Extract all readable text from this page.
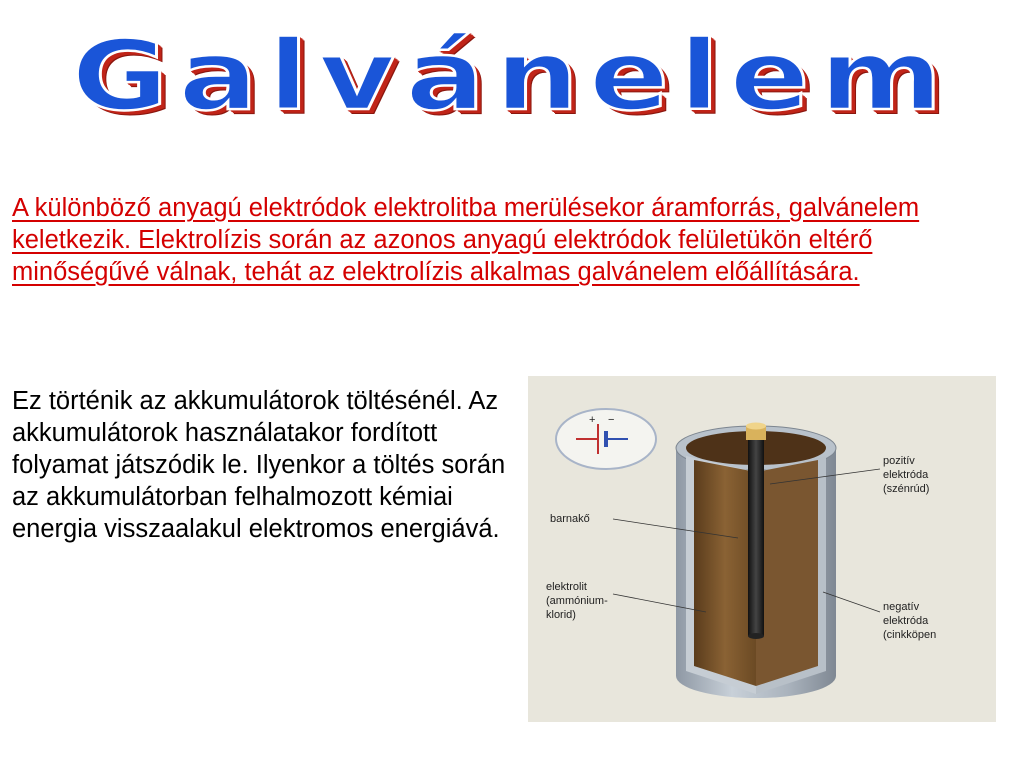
Galvánelem

A különböző anyagú elektródok elektrolitba merülésekor áramforrás, galvánelem keletkezik. Elektrolízis során az azonos anyagú elektródok felületükön eltérő minőségűvé válnak, tehát az elektrolízis alkalmas galvánelem előállítására.

Ez történik az akkumulátorok töltésénél. Az akkumulátorok használatakor fordított folyamat játszódik le. Ilyenkor a töltés során az akkumulátorban felhalmozott kémiai energia visszaalakul elektromos energiává.

+ −
pozitív elektróda (szénrúd)
barnakő
elektrolit (ammónium- klorid)
negatív elektróda (cinkköpen
